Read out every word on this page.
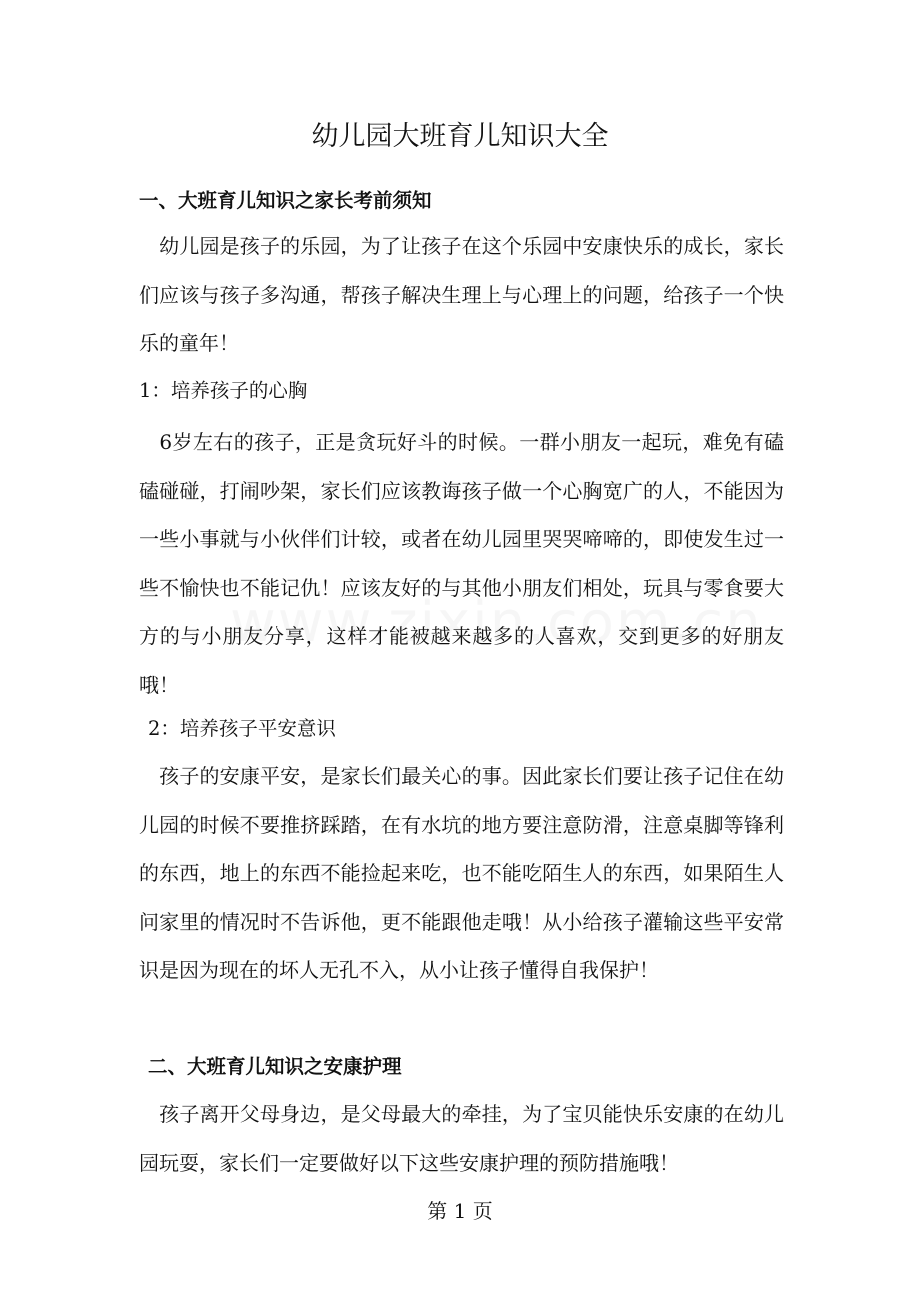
幼儿园大班育儿知识大全
一、大班育儿知识之家长考前须知

　幼儿园是孩子的乐园，为了让孩子在这个乐园中安康快乐的成长，家长们应该与孩子多沟通，帮孩子解决生理上与心理上的问题，给孩子一个快乐的童年！

1：培养孩子的心胸

　6岁左右的孩子，正是贪玩好斗的时候。一群小朋友一起玩，难免有磕磕碰碰，打闹吵架，家长们应该教诲孩子做一个心胸宽广的人，不能因为一些小事就与小伙伴们计较，或者在幼儿园里哭哭啼啼的，即使发生过一些不愉快也不能记仇！应该友好的与其他小朋友们相处，玩具与零食要大方的与小朋友分享，这样才能被越来越多的人喜欢，交到更多的好朋友哦！

2：培养孩子平安意识

　孩子的安康平安，是家长们最关心的事。因此家长们要让孩子记住在幼儿园的时候不要推挤踩踏，在有水坑的地方要注意防滑，注意桌脚等锋利的东西，地上的东西不能捡起来吃，也不能吃陌生人的东西，如果陌生人问家里的情况时不告诉他，更不能跟他走哦！从小给孩子灌输这些平安常识是因为现在的坏人无孔不入，从小让孩子懂得自我保护！

二、大班育儿知识之安康护理

　孩子离开父母身边，是父母最大的牵挂，为了宝贝能快乐安康的在幼儿园玩耍，家长们一定要做好以下这些安康护理的预防措施哦！

第 1 页
